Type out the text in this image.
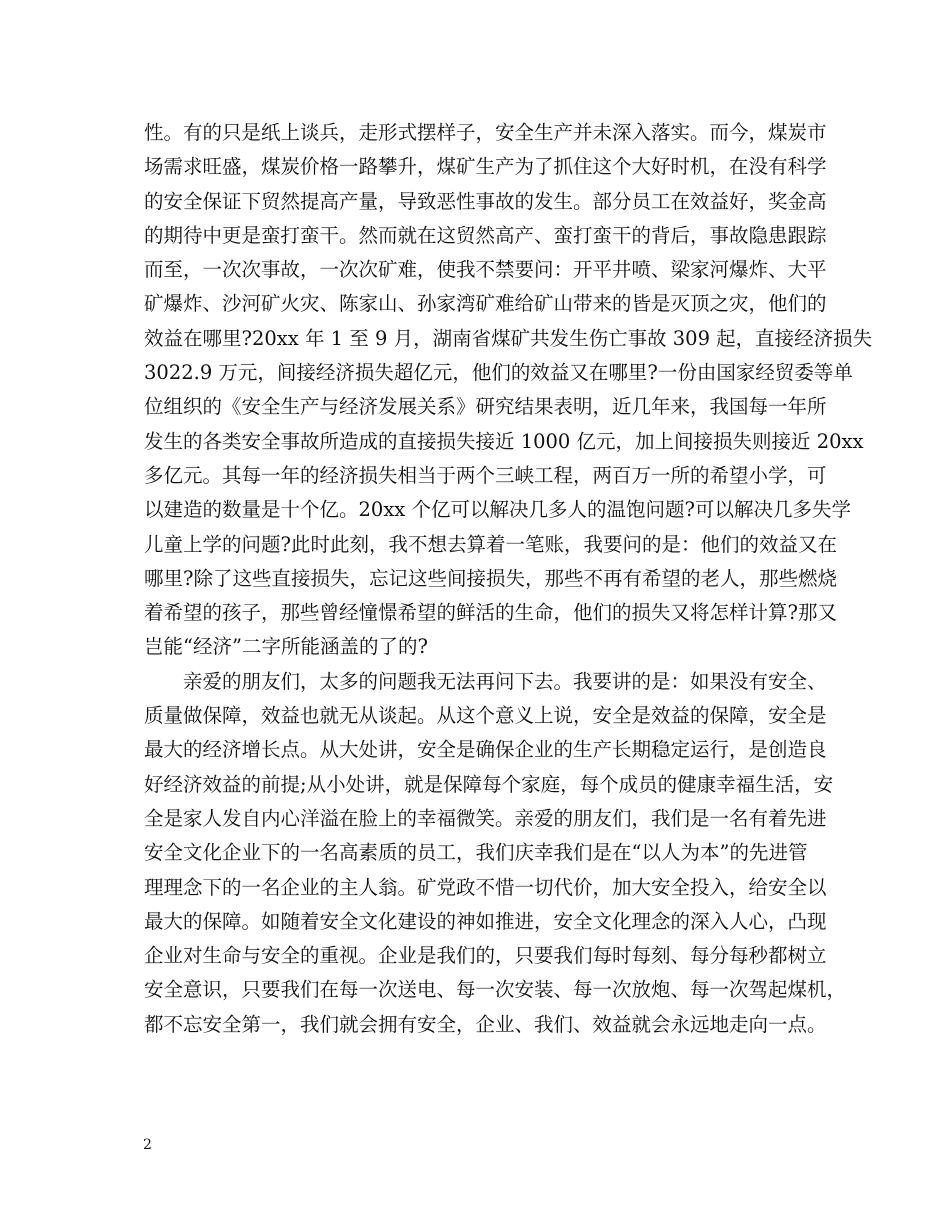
性。有的只是纸上谈兵，走形式摆样子，安全生产并未深入落实。而今，煤炭市
场需求旺盛，煤炭价格一路攀升，煤矿生产为了抓住这个大好时机，在没有科学
的安全保证下贸然提高产量，导致恶性事故的发生。部分员工在效益好，奖金高
的期待中更是蛮打蛮干。然而就在这贸然高产、蛮打蛮干的背后，事故隐患跟踪
而至，一次次事故，一次次矿难，使我不禁要问：开平井喷、梁家河爆炸、大平
矿爆炸、沙河矿火灾、陈家山、孙家湾矿难给矿山带来的皆是灭顶之灾，他们的
效益在哪里?20xx 年 1 至 9 月，湖南省煤矿共发生伤亡事故 309 起，直接经济损失
3022.9 万元，间接经济损失超亿元，他们的效益又在哪里?一份由国家经贸委等单
位组织的《安全生产与经济发展关系》研究结果表明，近几年来，我国每一年所
发生的各类安全事故所造成的直接损失接近 1000 亿元，加上间接损失则接近 20xx
多亿元。其每一年的经济损失相当于两个三峡工程，两百万一所的希望小学，可
以建造的数量是十个亿。20xx 个亿可以解决几多人的温饱问题?可以解决几多失学
儿童上学的问题?此时此刻，我不想去算着一笔账，我要问的是：他们的效益又在
哪里?除了这些直接损失，忘记这些间接损失，那些不再有希望的老人，那些燃烧
着希望的孩子，那些曾经憧憬希望的鲜活的生命，他们的损失又将怎样计算?那又
岂能“经济”二字所能涵盖的了的?
亲爱的朋友们，太多的问题我无法再问下去。我要讲的是：如果没有安全、
质量做保障，效益也就无从谈起。从这个意义上说，安全是效益的保障，安全是
最大的经济增长点。从大处讲，安全是确保企业的生产长期稳定运行，是创造良
好经济效益的前提;从小处讲，就是保障每个家庭，每个成员的健康幸福生活，安
全是家人发自内心洋溢在脸上的幸福微笑。亲爱的朋友们，我们是一名有着先进
安全文化企业下的一名高素质的员工，我们庆幸我们是在“以人为本”的先进管
理理念下的一名企业的主人翁。矿党政不惜一切代价，加大安全投入，给安全以
最大的保障。如随着安全文化建设的神如推进，安全文化理念的深入人心，凸现
企业对生命与安全的重视。企业是我们的，只要我们每时每刻、每分每秒都树立
安全意识，只要我们在每一次送电、每一次安装、每一次放炮、每一次驾起煤机，
都不忘安全第一，我们就会拥有安全，企业、我们、效益就会永远地走向一点。
2
